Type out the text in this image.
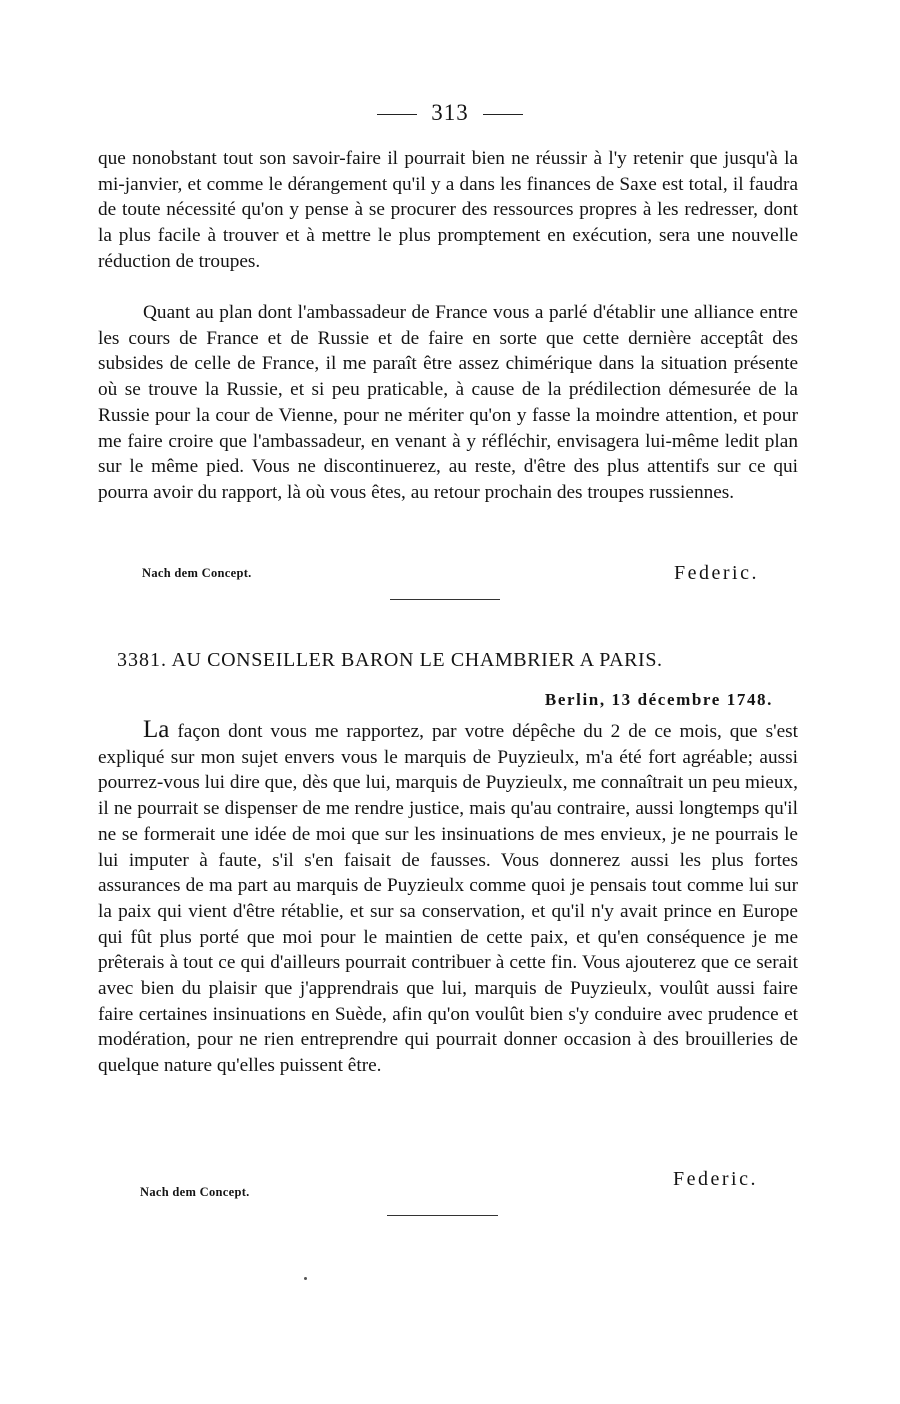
313

que nonobstant tout son savoir-faire il pourrait bien ne réussir à l'y retenir que jusqu'à la mi-janvier, et comme le dérangement qu'il y a dans les finances de Saxe est total, il faudra de toute nécessité qu'on y pense à se procurer des ressources propres à les redresser, dont la plus facile à trouver et à mettre le plus promptement en exécution, sera une nouvelle réduction de troupes.

Quant au plan dont l'ambassadeur de France vous a parlé d'établir une alliance entre les cours de France et de Russie et de faire en sorte que cette dernière acceptât des subsides de celle de France, il me paraît être assez chimérique dans la situation présente où se trouve la Russie, et si peu praticable, à cause de la prédilection démesurée de la Russie pour la cour de Vienne, pour ne mériter qu'on y fasse la moindre attention, et pour me faire croire que l'ambassadeur, en venant à y réfléchir, envisagera lui-même ledit plan sur le même pied. Vous ne discontinuerez, au reste, d'être des plus attentifs sur ce qui pourra avoir du rapport, là où vous êtes, au retour prochain des troupes russiennes.

Nach dem Concept.	Federic.
3381. AU CONSEILLER BARON LE CHAMBRIER A PARIS.
Berlin, 13 décembre 1748.

La façon dont vous me rapportez, par votre dépêche du 2 de ce mois, que s'est expliqué sur mon sujet envers vous le marquis de Puyzieulx, m'a été fort agréable; aussi pourrez-vous lui dire que, dès que lui, marquis de Puyzieulx, me connaîtrait un peu mieux, il ne pourrait se dispenser de me rendre justice, mais qu'au contraire, aussi longtemps qu'il ne se formerait une idée de moi que sur les insinuations de mes envieux, je ne pourrais le lui imputer à faute, s'il s'en faisait de fausses. Vous donnerez aussi les plus fortes assurances de ma part au marquis de Puyzieulx comme quoi je pensais tout comme lui sur la paix qui vient d'être rétablie, et sur sa conservation, et qu'il n'y avait prince en Europe qui fût plus porté que moi pour le maintien de cette paix, et qu'en conséquence je me prêterais à tout ce qui d'ailleurs pourrait contribuer à cette fin. Vous ajouterez que ce serait avec bien du plaisir que j'apprendrais que lui, marquis de Puyzieulx, voulût aussi faire faire certaines insinuations en Suède, afin qu'on voulût bien s'y conduire avec prudence et modération, pour ne rien entreprendre qui pourrait donner occasion à des brouilleries de quelque nature qu'elles puissent être.

Nach dem Concept.
Federic.
